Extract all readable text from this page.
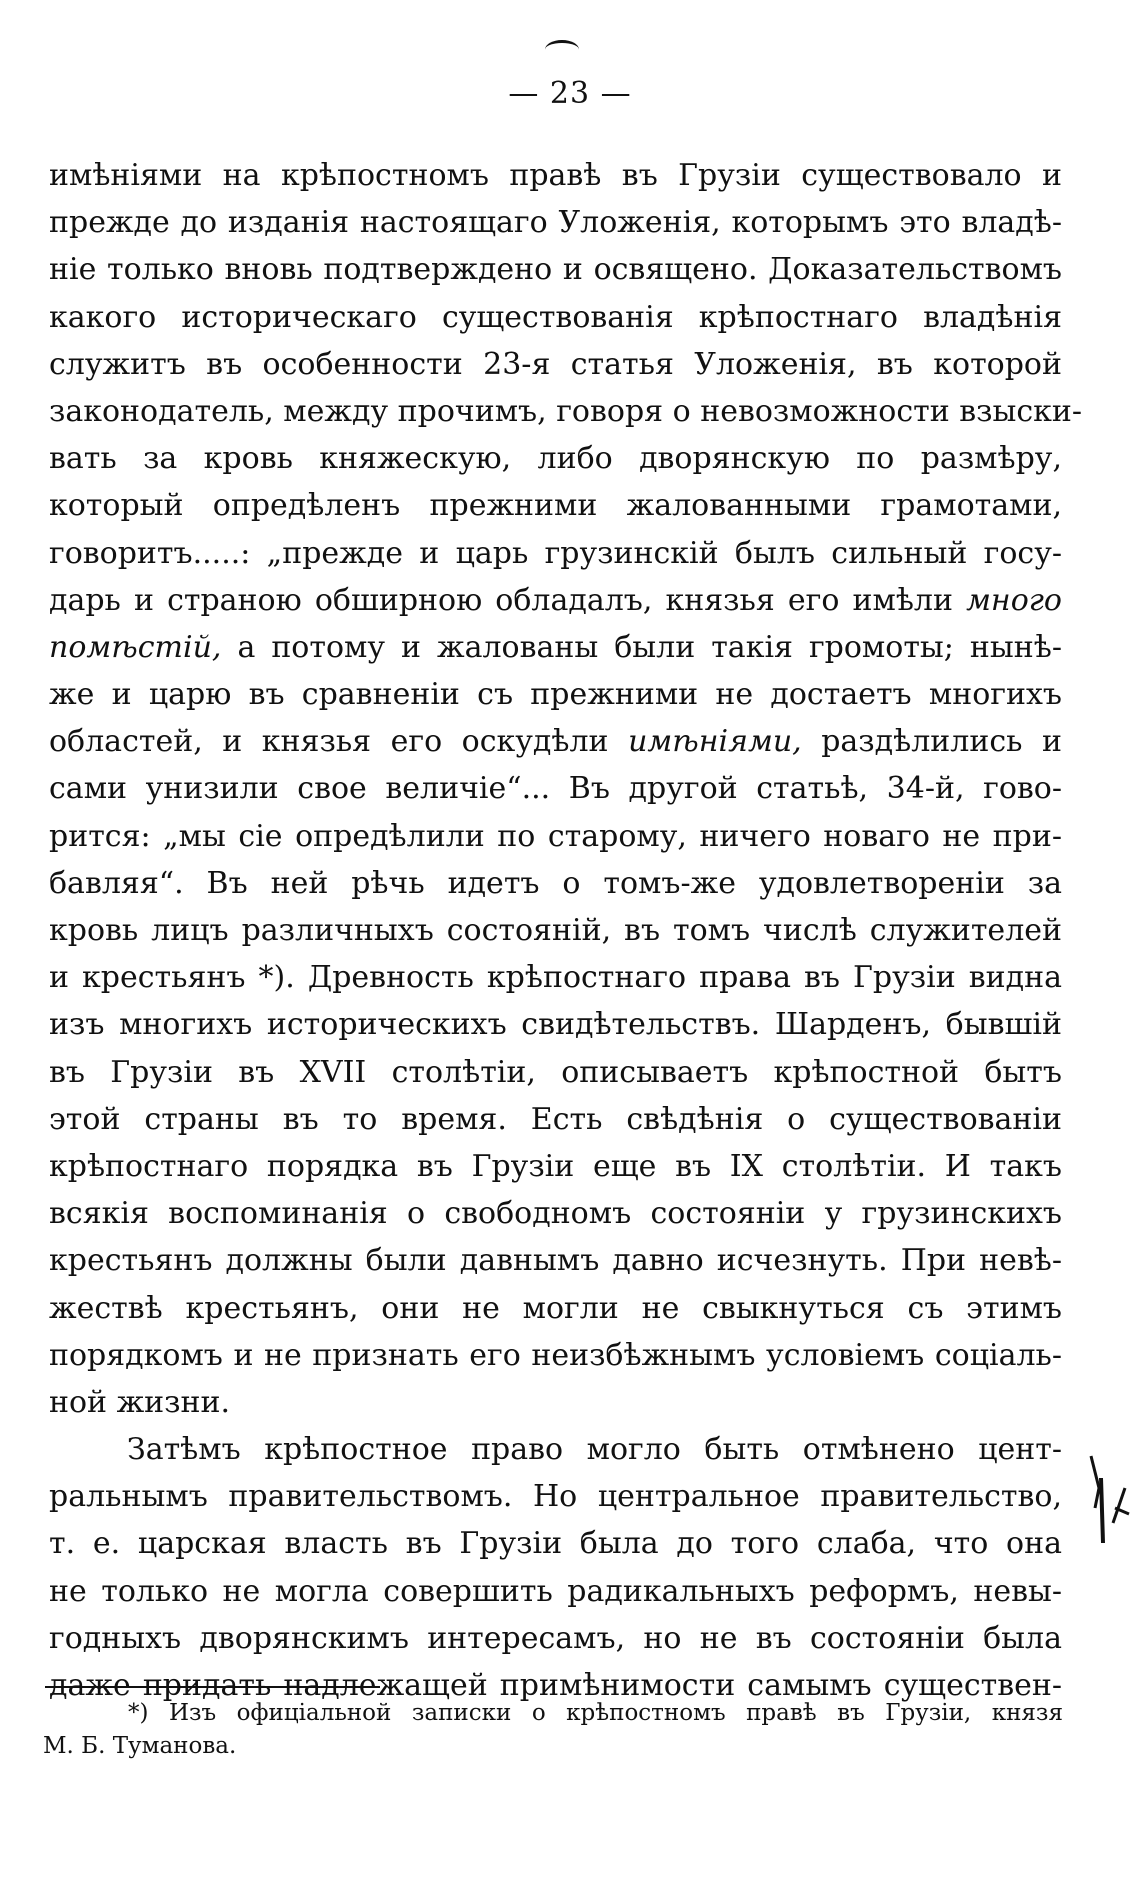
— 23 —
имѣніями на крѣпостномъ правѣ въ Грузіи существовало и
прежде до изданія настоящаго Уложенія, которымъ это владѣ-
ніе только вновь подтверждено и освящено. Доказательствомъ
какого историческаго существованія крѣпостнаго владѣнія
служитъ въ особенности 23-я статья Уложенія, въ которой
законодатель, между прочимъ, говоря о невозможности взыски-
вать за кровь княжескую, либо дворянскую по размѣру,
который опредѣленъ прежними жалованными грамотами,
говоритъ.....: „прежде и царь грузинскій былъ сильный госу-
дарь и страною обширною обладалъ, князья его имѣли много
помѣстій, а потому и жалованы были такія громоты; нынѣ-
же и царю въ сравненіи съ прежними не достаетъ многихъ
областей, и князья его оскудѣли имѣніями, раздѣлились и
сами унизили свое величіе“... Въ другой статьѣ, 34-й, гово-
рится: „мы сіе опредѣлили по старому, ничего новаго не при-
бавляя“. Въ ней рѣчь идетъ о томъ-же удовлетвореніи за
кровь лицъ различныхъ состояній, въ томъ числѣ служителей
и крестьянъ *). Древность крѣпостнаго права въ Грузіи видна
изъ многихъ историческихъ свидѣтельствъ. Шарденъ, бывшій
въ Грузіи въ XVII столѣтіи, описываетъ крѣпостной бытъ
этой страны въ то время. Есть свѣдѣнія о существованіи
крѣпостнаго порядка въ Грузіи еще въ IX столѣтіи. И такъ
всякія воспоминанія о свободномъ состояніи у грузинскихъ
крестьянъ должны были давнымъ давно исчезнуть. При невѣ-
жествѣ крестьянъ, они не могли не свыкнуться съ этимъ
порядкомъ и не признать его неизбѣжнымъ условіемъ соціаль-
ной жизни.
Затѣмъ крѣпостное право могло быть отмѣнено цент-
ральнымъ правительствомъ. Но центральное правительство,
т. е. царская власть въ Грузіи была до того слаба, что она
не только не могла совершить радикальныхъ реформъ, невы-
годныхъ дворянскимъ интересамъ, но не въ состояніи была
даже придать надлежащей примѣнимости самымъ существен-
*) Изъ офиціальной записки о крѣпостномъ правѣ въ Грузіи, князя
М. Б. Туманова.
